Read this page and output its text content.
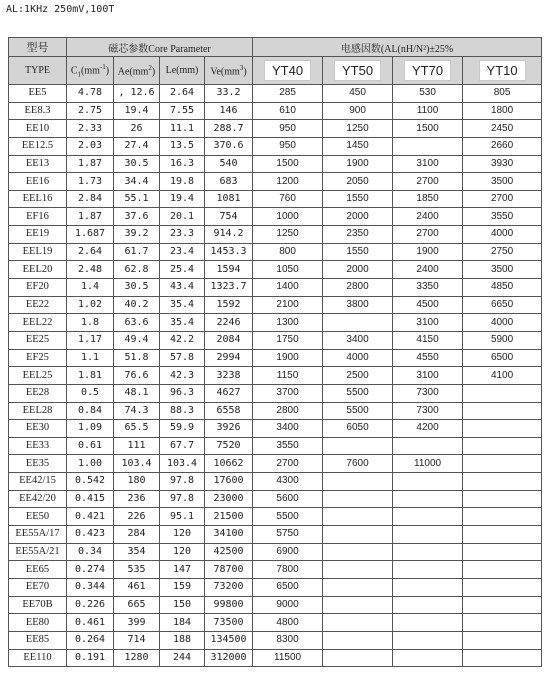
AL:1KHz 250mV,100T
型号	磁芯参数Core Parameter				电感因数(AL(nH/N²)±25%			
TYPE	$C_1(mm^{-1})$	$Ae(mm^2)$	Le(mm)	$Ve(mm^3)$	YT40	YT50	YT70	YT10
EE5	4.78	, 12.6	2.64	33.2	285	450	530	805
EE8.3	2.75	19.4	7.55	146	610	900	1100	1800
EE10	2.33	26	11.1	288.7	950	1250	1500	2450
EE12.5	2.03	27.4	13.5	370.6	950	1450		2660
EE13	1.87	30.5	16.3	540	1500	1900	3100	3930
EE16	1.73	34.4	19.8	683	1200	2050	2700	3500
EEL16	2.84	55.1	19.4	1081	760	1550	1850	2700
EF16	1.87	37.6	20.1	754	1000	2000	2400	3550
EE19	1.687	39.2	23.3	914.2	1250	2350	2700	4000
EEL19	2.64	61.7	23.4	1453.3	800	1550	1900	2750
EEL20	2.48	62.8	25.4	1594	1050	2000	2400	3500
EF20	1.4	30.5	43.4	1323.7	1400	2800	3350	4850
EE22	1.02	40.2	35.4	1592	2100	3800	4500	6650
EEL22	1.8	63.6	35.4	2246	1300		3100	4000
EE25	1.17	49.4	42.2	2084	1750	3400	4150	5900
EF25	1.1	51.8	57.8	2994	1900	4000	4550	6500
EEL25	1.81	76.6	42.3	3238	1150	2500	3100	4100
EE28	0.5	48.1	96.3	4627	3700	5500	7300	
EEL28	0.84	74.3	88.3	6558	2800	5500	7300	
EE30	1.09	65.5	59.9	3926	3400	6050	4200	
EE33	0.61	111	67.7	7520	3550			
EE35	1.00	103.4	103.4	10662	2700	7600	11000	
EE42/15	0.542	180	97.8	17600	4300			
EE42/20	0.415	236	97.8	23000	5600			
EE50	0.421	226	95.1	21500	5500			
EE55A/17	0.423	284	120	34100	5750			
EE55A/21	0.34	354	120	42500	6900			
EE65	0.274	535	147	78700	7800			
EE70	0.344	461	159	73200	6500			
EE70B	0.226	665	150	99800	9000			
EE80	0.461	399	184	73500	4800			
EE85	0.264	714	188	134500	8300			
EE110	0.191	1280	244	312000	11500			
